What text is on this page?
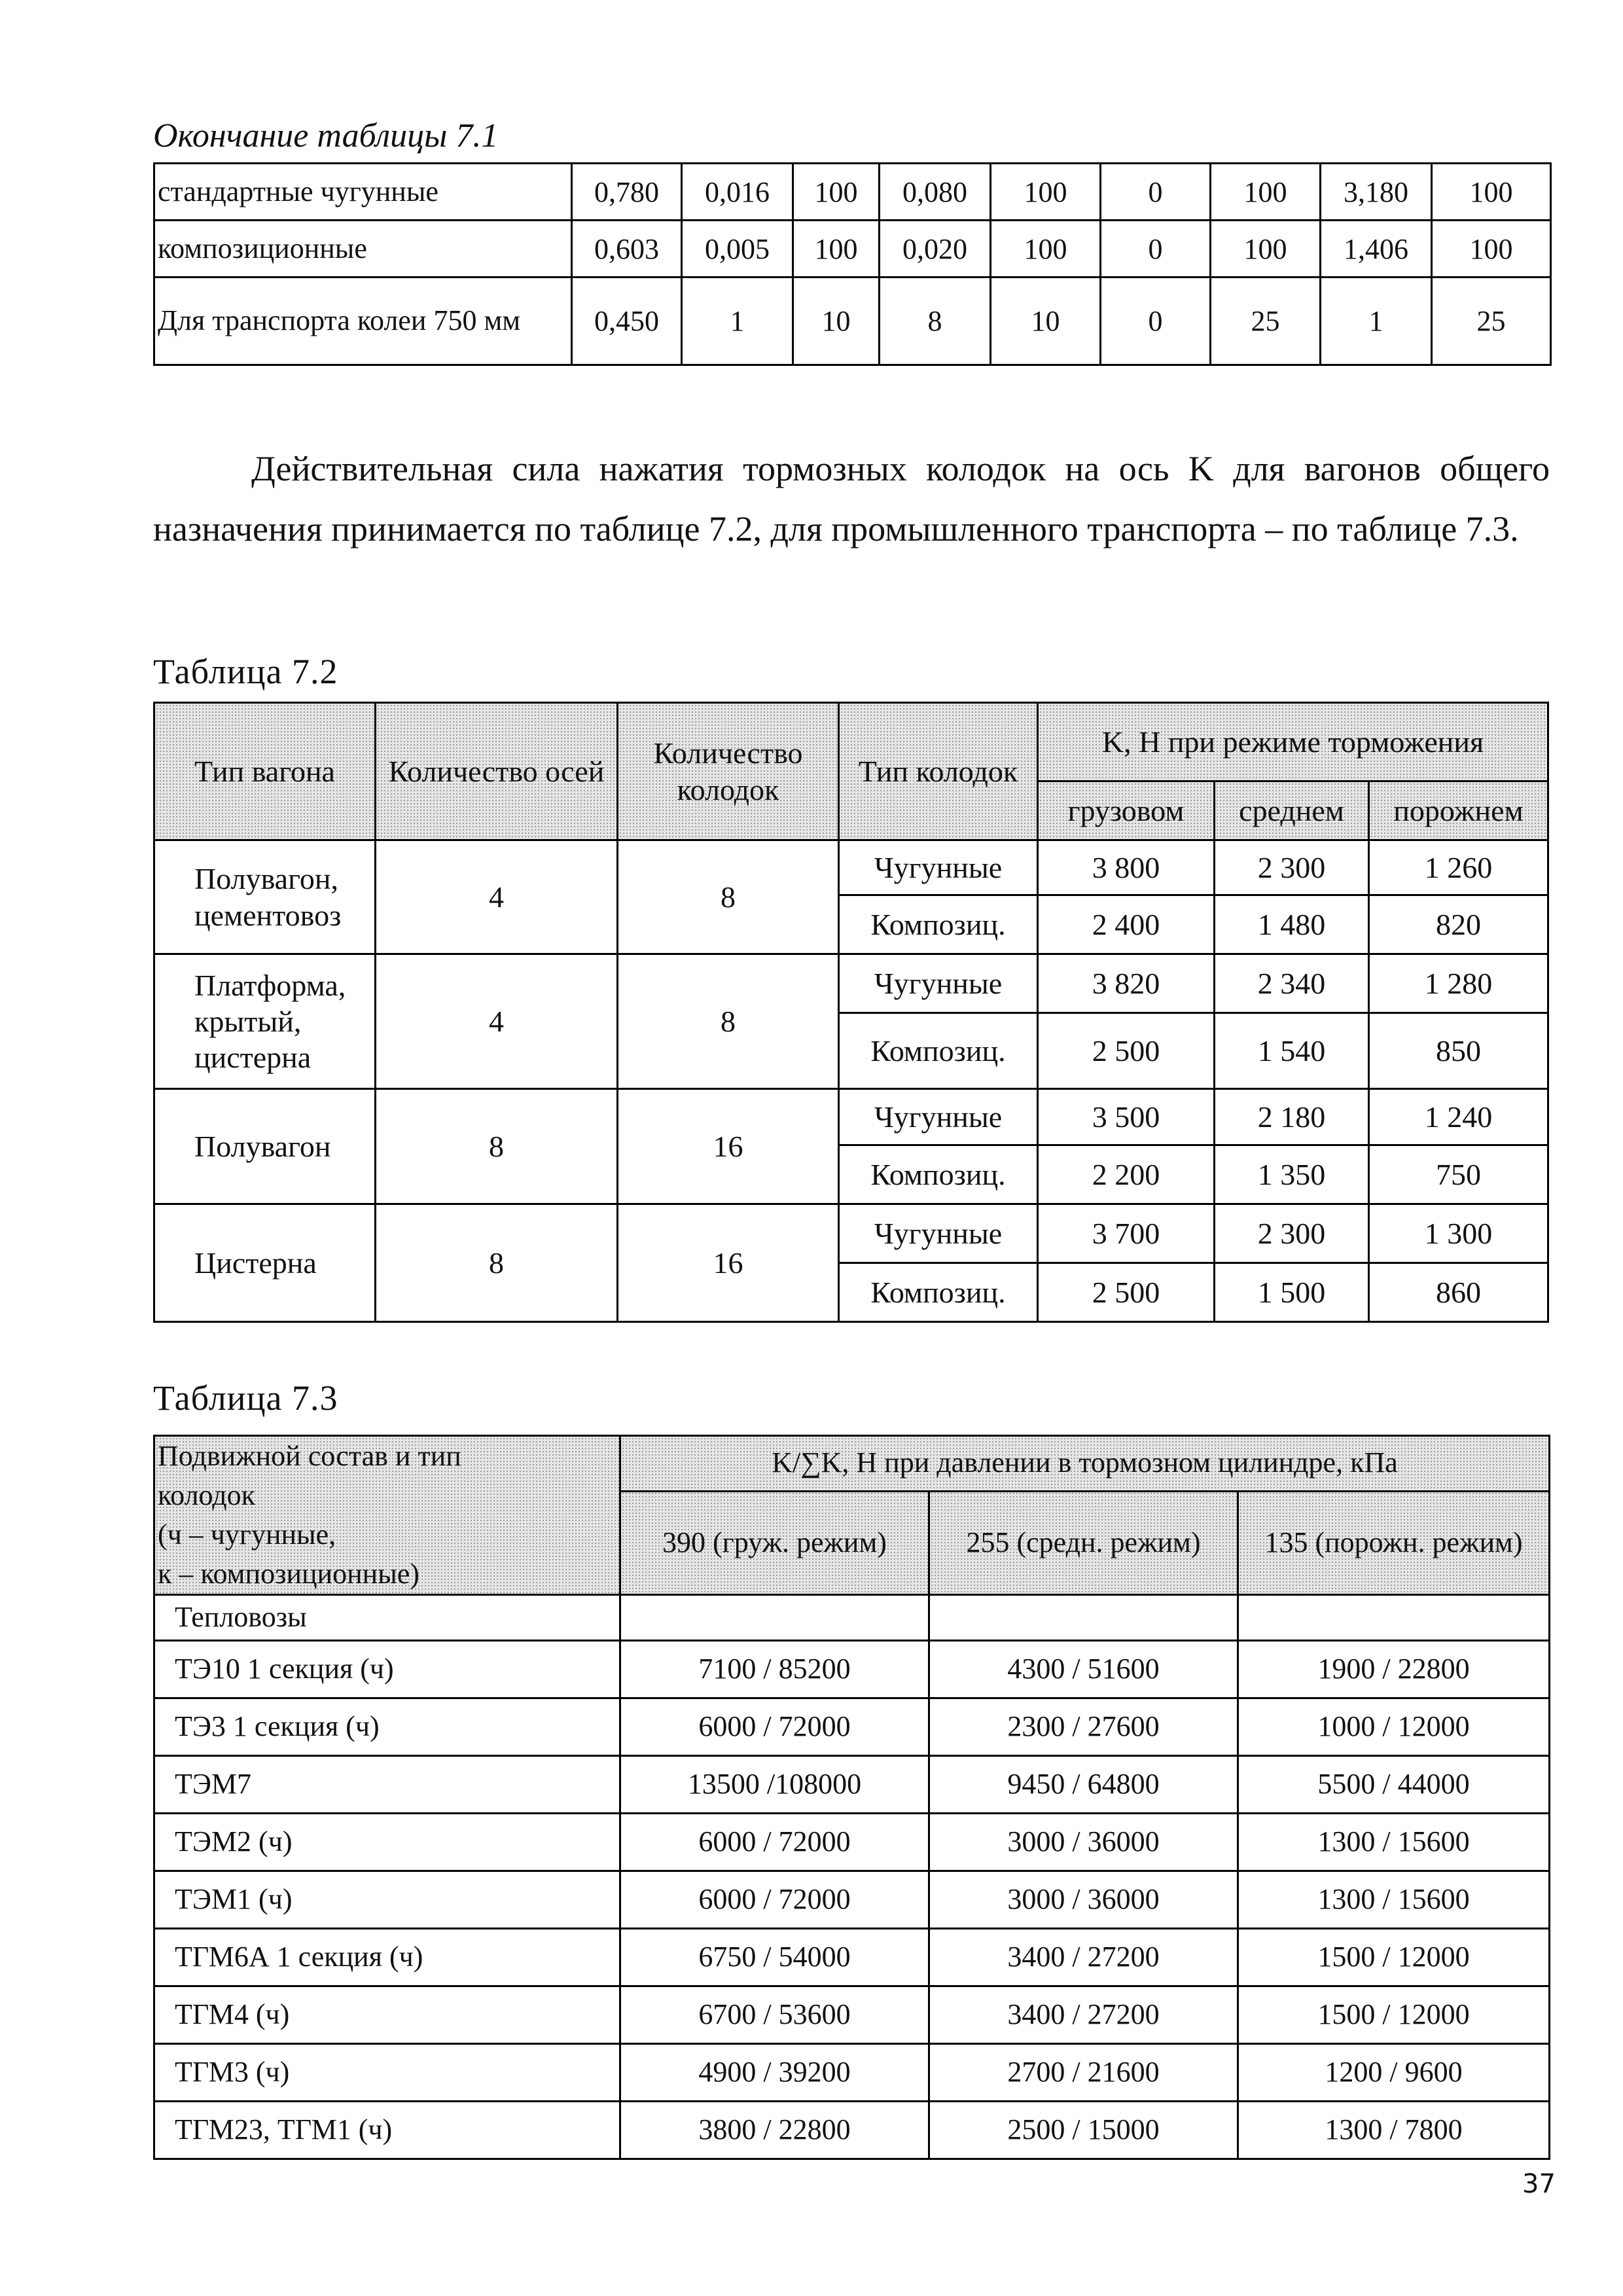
Окончание таблицы 7.1
стандартные чугунные	0,780	0,016	100	0,080	100	0	100	3,180	100
композиционные	0,603	0,005	100	0,020	100	0	100	1,406	100
Для транспорта колеи 750 мм	0,450	1	10	8	10	0	25	1	25
Действительная сила нажатия тормозных колодок на ось K для вагонов общего назначения принимается по таблице 7.2, для промышленного транспорта – по таблице 7.3.
Таблица 7.2
Тип вагона	Количество осей	Количество колодок	Тип колодок	K, Н при режиме торможения		
				грузовом	среднем	порожнем
Полувагон, цементовоз	4	8	Чугунные	3 800	2 300	1 260
			Композиц.	2 400	1 480	820
Платформа, крытый, цистерна	4	8	Чугунные	3 820	2 340	1 280
			Композиц.	2 500	1 540	850
Полувагон	8	16	Чугунные	3 500	2 180	1 240
			Композиц.	2 200	1 350	750
Цистерна	8	16	Чугунные	3 700	2 300	1 300
			Композиц.	2 500	1 500	860
Таблица 7.3
Подвижной состав и тип
колодок
(ч – чугунные,
к – композиционные)	K/∑K, Н при давлении в тормозном цилиндре, кПа		
	390 (груж. режим)	255 (средн. режим)	135 (порожн. режим)
Тепловозы			
ТЭ10 1 секция (ч)	7100 / 85200	4300 / 51600	1900 / 22800
ТЭ3 1 секция (ч)	6000 / 72000	2300 / 27600	1000 / 12000
ТЭМ7	13500 /108000	9450 / 64800	5500 / 44000
ТЭМ2 (ч)	6000 / 72000	3000 / 36000	1300 / 15600
ТЭМ1 (ч)	6000 / 72000	3000 / 36000	1300 / 15600
ТГМ6А 1 секция (ч)	6750 / 54000	3400 / 27200	1500 / 12000
ТГМ4 (ч)	6700 / 53600	3400 / 27200	1500 / 12000
ТГМ3 (ч)	4900 / 39200	2700 / 21600	1200 / 9600
ТГМ23, ТГМ1 (ч)	3800 / 22800	2500 / 15000	1300 / 7800
37
